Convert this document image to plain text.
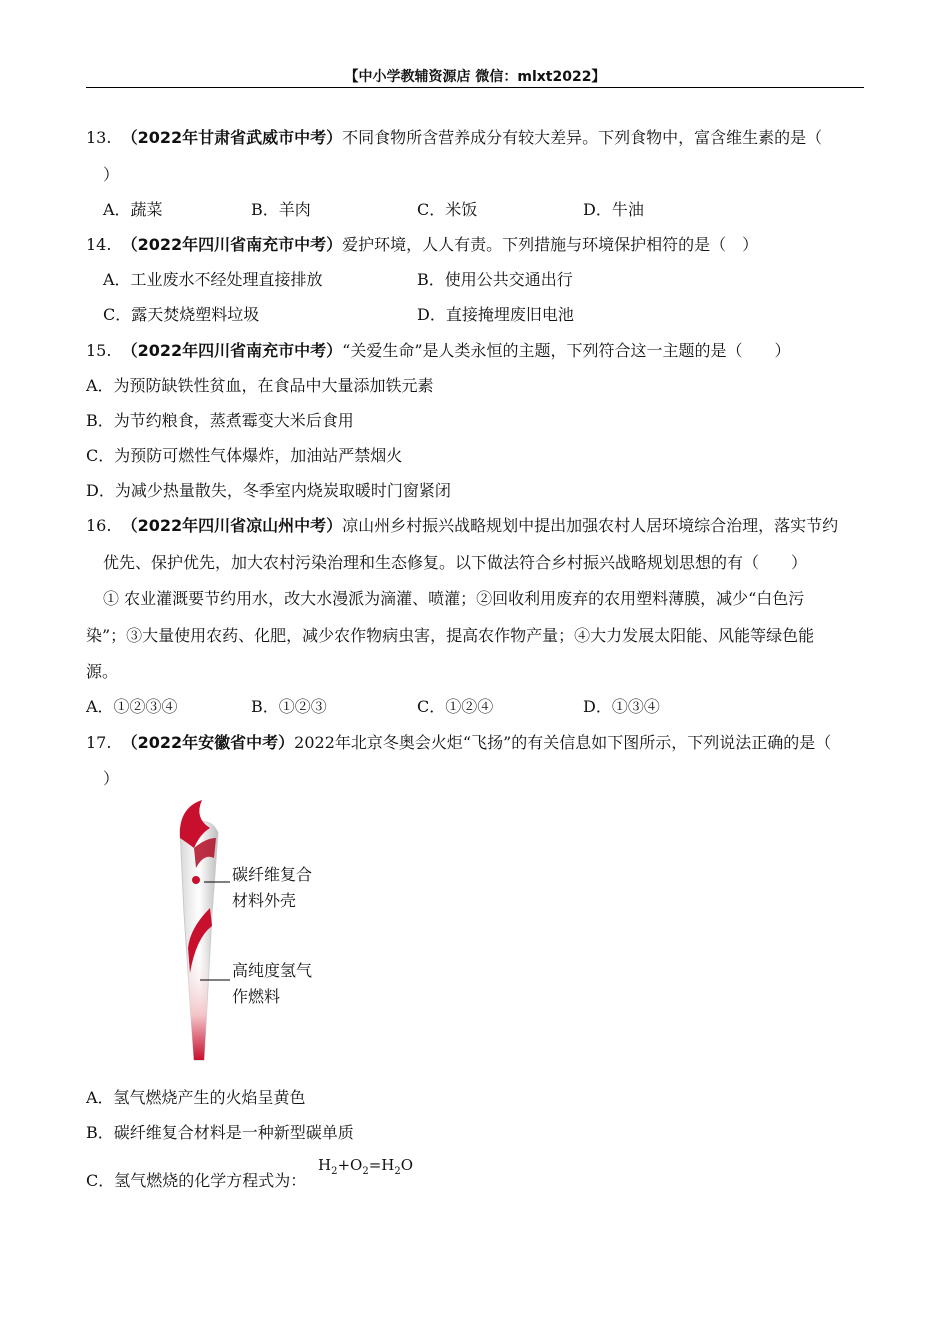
【中小学教辅资源店 微信：mlxt2022】
13. （2022年甘肃省武威市中考）不同食物所含营养成分有较大差异。下列食物中，富含维生素的是（
）
A．蔬菜	B．羊肉	C．米饭	D．牛油
14. （2022年四川省南充市中考）爱护环境，人人有责。下列措施与环境保护相符的是（　）
A．工业废水不经处理直接排放	B．使用公共交通出行
C．露天焚烧塑料垃圾	D．直接掩埋废旧电池
15. （2022年四川省南充市中考）“关爱生命”是人类永恒的主题，下列符合这一主题的是（　　）
A．为预防缺铁性贫血，在食品中大量添加铁元素
B．为节约粮食，蒸煮霉变大米后食用
C．为预防可燃性气体爆炸，加油站严禁烟火
D．为减少热量散失，冬季室内烧炭取暖时门窗紧闭
16. （2022年四川省凉山州中考）凉山州乡村振兴战略规划中提出加强农村人居环境综合治理，落实节约
优先、保护优先，加大农村污染治理和生态修复。以下做法符合乡村振兴战略规划思想的有（　　）
① 农业灌溉要节约用水，改大水漫派为滴灌、喷灌；②回收利用废弃的农用塑料薄膜，减少“白色污
染”；③大量使用农药、化肥，减少农作物病虫害，提高农作物产量；④大力发展太阳能、风能等绿色能
源。
A．①②③④	B．①②③	C．①②④	D．①③④
17. （2022年安徽省中考）2022年北京冬奥会火炬“飞扬”的有关信息如下图所示，下列说法正确的是（
）
碳纤维复合
材料外壳
高纯度氢气
作燃料
A．氢气燃烧产生的火焰呈黄色
B．碳纤维复合材料是一种新型碳单质
C．氢气燃烧的化学方程式为：
$H_2+O_2=H_2O$
